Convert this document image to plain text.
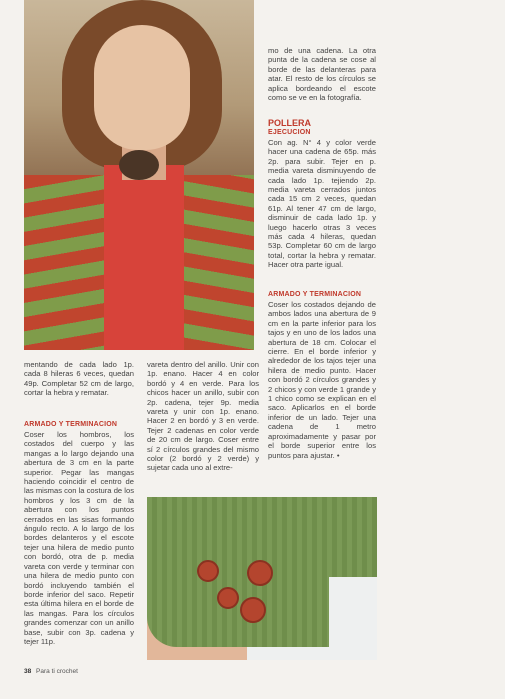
mo de una cadena. La otra punta de la cadena se cose al borde de las delanteras para atar. El resto de los círculos se aplica bordeando el escote como se ve en la fotografía.

POLLERA

EJECUCION

Con ag. N° 4 y color verde hacer una cadena de 65p. más 2p. para subir. Tejer en p. media vareta disminuyendo de cada lado 1p. tejiendo 2p. media vareta cerrados juntos cada 15 cm 2 veces, quedan 61p. Al tener 47 cm de largo, disminuir de cada lado 1p. y luego hacerlo otras 3 veces más cada 4 hileras, quedan 53p. Completar 60 cm de largo total, cortar la hebra y rematar. Hacer otra parte igual.

ARMADO Y TERMINACION

Coser los costados dejando de ambos lados una abertura de 9 cm en la parte inferior para los tajos y en uno de los lados una abertura de 18 cm. Colocar el cierre. En el borde inferior y alrededor de los tajos tejer una hilera de medio punto. Hacer con bordó 2 círculos grandes y 2 chicos y con verde 1 grande y 1 chico como se explican en el saco. Aplicarlos en el borde inferior de un lado. Tejer una cadena de 1 metro aproximadamente y pasar por el borde superior entre los puntos para ajustar. •

mentando de cada lado 1p. cada 8 hileras 6 veces, quedan 49p. Completar 52 cm de largo, cortar la hebra y rematar.

ARMADO Y TERMINACION

Coser los hombros, los costados del cuerpo y las mangas a lo largo dejando una abertura de 3 cm en la parte superior. Pegar las mangas haciendo coincidir el centro de las mismas con la costura de los hombros y los 3 cm de la abertura con los puntos cerrados en las sisas formando ángulo recto. A lo largo de los bordes delanteros y el escote tejer una hilera de medio punto con bordó, otra de p. media vareta con verde y terminar con una hilera de medio punto con bordó incluyendo también el borde inferior del saco. Repetir esta última hilera en el borde de las mangas. Para los círculos grandes comenzar con un anillo base, subir con 3p. cadena y tejer 11p.

vareta dentro del anillo. Unir con 1p. enano. Hacer 4 en color bordó y 4 en verde. Para los chicos hacer un anillo, subir con 2p. cadena, tejer 9p. media vareta y unir con 1p. enano. Hacer 2 en bordó y 3 en verde. Tejer 2 cadenas en color verde de 20 cm de largo. Coser entre sí 2 círculos grandes del mismo color (2 bordó y 2 verde) y sujetar cada uno al extre-

38 Para ti crochet
